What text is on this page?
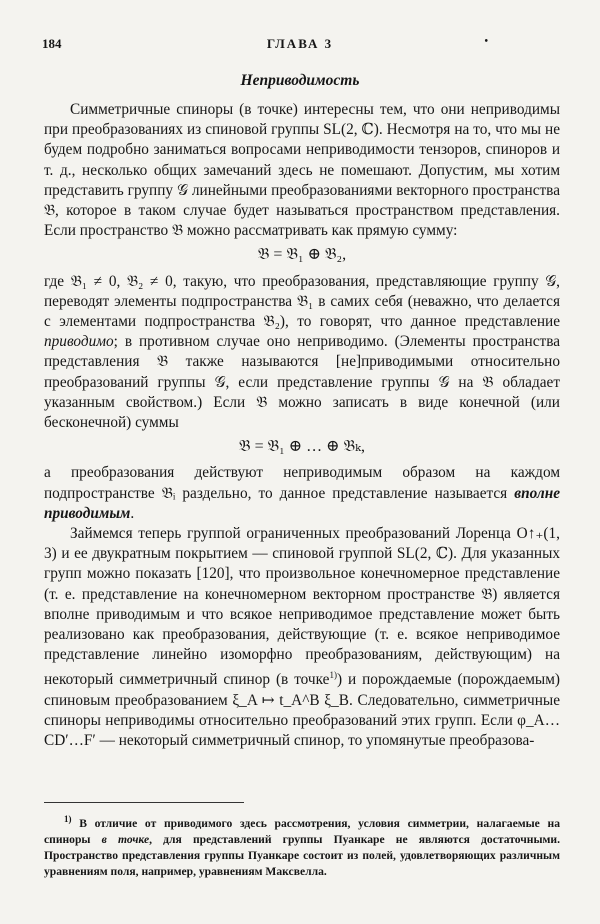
184	ГЛАВА 3	•
Неприводимость

Симметричные спиноры (в точке) интересны тем, что они неприводимы при преобразованиях из спиновой группы SL(2, ℂ). Несмотря на то, что мы не будем подробно заниматься вопросами неприводимости тензоров, спиноров и т. д., несколько общих замечаний здесь не помешают. Допустим, мы хотим представить группу 𝒢 линейными преобразованиями векторного пространства 𝔅, которое в таком случае будет называться пространством представления. Если пространство 𝔅 можно рассматривать как прямую сумму:

𝔅 = 𝔅₁ ⊕ 𝔅₂,

где 𝔅₁ ≠ 0, 𝔅₂ ≠ 0, такую, что преобразования, представляющие группу 𝒢, переводят элементы подпространства 𝔅₁ в самих себя (неважно, что делается с элементами подпространства 𝔅₂), то говорят, что данное представление приводимо; в противном случае оно неприводимо. (Элементы пространства представления 𝔅 также называются [не]приводимыми относительно преобразований группы 𝒢, если представление группы 𝒢 на 𝔅 обладает указанным свойством.) Если 𝔅 можно записать в виде конечной (или бесконечной) суммы

𝔅 = 𝔅₁ ⊕ … ⊕ 𝔅ₖ,

а преобразования действуют неприводимым образом на каждом подпространстве 𝔅ᵢ раздельно, то данное представление называется вполне приводимым.

Займемся теперь группой ограниченных преобразований Лоренца O↑₊(1, 3) и ее двукратным покрытием — спиновой группой SL(2, ℂ). Для указанных групп можно показать [120], что произвольное конечномерное представление (т. е. представление на конечномерном векторном пространстве 𝔅) является вполне приводимым и что всякое неприводимое представление может быть реализовано как преобразования, действующие (т. е. всякое неприводимое представление линейно изоморфно преобразованиям, действующим) на некоторый симметричный спинор (в точке$^{1)}$) и порождаемые (порождаемым) спиновым преобразованием ξ_A ↦ t_A^B ξ_B. Следовательно, симметричные спиноры неприводимы относительно преобразований этих групп. Если φ_A…CD′…F′ — некоторый симметричный спинор, то упомянутые преобразова-

$^{1)}$ В отличие от приводимого здесь рассмотрения, условия симметрии, налагаемые на спиноры в точке, для представлений группы Пуанкаре не являются достаточными. Пространство представления группы Пуанкаре состоит из полей, удовлетворяющих различным уравнениям поля, например, уравнениям Максвелла.
